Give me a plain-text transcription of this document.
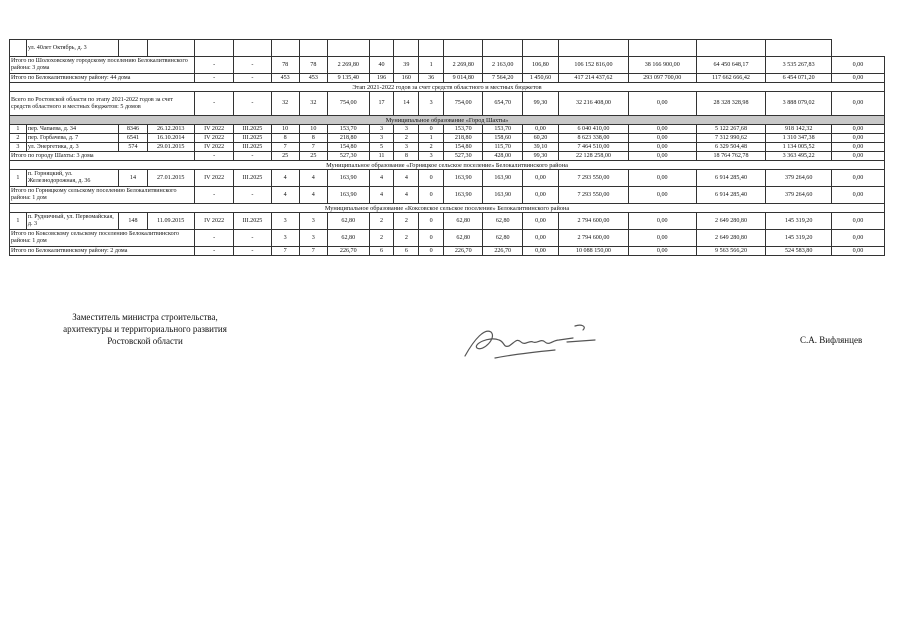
	ул. 40лет Октябрь, д. 3																		
Итого по Шолоховскому городскому поселению Белокалитвинского района: 3 дома				-	-	78	78	2 269,80	40	39	1	2 269,80	2 163,00	106,80	106 152 816,00	38 166 900,00	64 450 648,17	3 535 267,83	0,00
Итого по Белокалитвинскому району: 44 дома				-	-	453	453	9 135,40	196	160	36	9 014,80	7 564,20	1 450,60	417 214 437,62	293 097 700,00	117 662 666,42	6 454 071,20	0,00
Этап 2021-2022 годов за счет средств областного и местных бюджетов																			
Всего по Ростовской области по этапу 2021-2022 годов за счет средств областного и местных бюджетов: 5 домов				-	-	32	32	754,00	17	14	3	754,00	654,70	99,30	32 216 408,00	0,00	28 328 328,98	3 888 079,02	0,00
Муниципальное образование «Город Шахты»																			
1	пер. Чапаева, д. 34	8346	26.12.2013	IV 2022	III.2025	10	10	153,70	3	3	0	153,70	153,70	0,00	6 040 410,00	0,00	5 122 267,68	918 142,32	0,00
2	пер. Горбачева, д. 7	6541	16.10.2014	IV 2022	III.2025	8	8	218,80	3	2	1	218,80	158,60	60,20	8 623 338,00	0,00	7 312 990,62	1 310 347,38	0,00
3	ул. Энергетика, д. 3	574	29.01.2015	IV 2022	III.2025	7	7	154,80	5	3	2	154,80	115,70	39,10	7 464 510,00	0,00	6 329 504,48	1 134 005,52	0,00
Итого по городу Шахты: 3 дома				-	-	25	25	527,30	11	8	3	527,30	428,00	99,30	22 128 258,00	0,00	18 764 762,78	3 363 495,22	0,00
Муниципальное образование «Горняцкое сельское поселение» Белокалитвинского района																			
1	п. Горняцкий, ул. Железнодорожная, д. 36	14	27.01.2015	IV 2022	III.2025	4	4	163,90	4	4	0	163,90	163,90	0,00	7 293 550,00	0,00	6 914 285,40	379 264,60	0,00
Итого по Горняцкому сельскому поселению Белокалитвинского района: 1 дом				-	-	4	4	163,90	4	4	0	163,90	163,90	0,00	7 293 550,00	0,00	6 914 285,40	379 264,60	0,00
Муниципальное образование «Коксовское сельское поселение» Белокалитвинского района																			
1	п. Рудничный, ул. Первомайская, д. 3	148	11.09.2015	IV 2022	III.2025	3	3	62,80	2	2	0	62,80	62,80	0,00	2 794 600,00	0,00	2 649 280,80	145 319,20	0,00
Итого по Коксовскому сельскому поселению Белокалитвинского района: 1 дом				-	-	3	3	62,80	2	2	0	62,80	62,80	0,00	2 794 600,00	0,00	2 649 280,80	145 319,20	0,00
Итого по Белокалитвинскому району: 2 дома				-	-	7	7	226,70	6	6	0	226,70	226,70	0,00	10 088 150,00	0,00	9 563 566,20	524 583,80	0,00
Заместитель министра строительства,
архитектуры и территориального развития
Ростовской области	С.А. Вифлянцев
